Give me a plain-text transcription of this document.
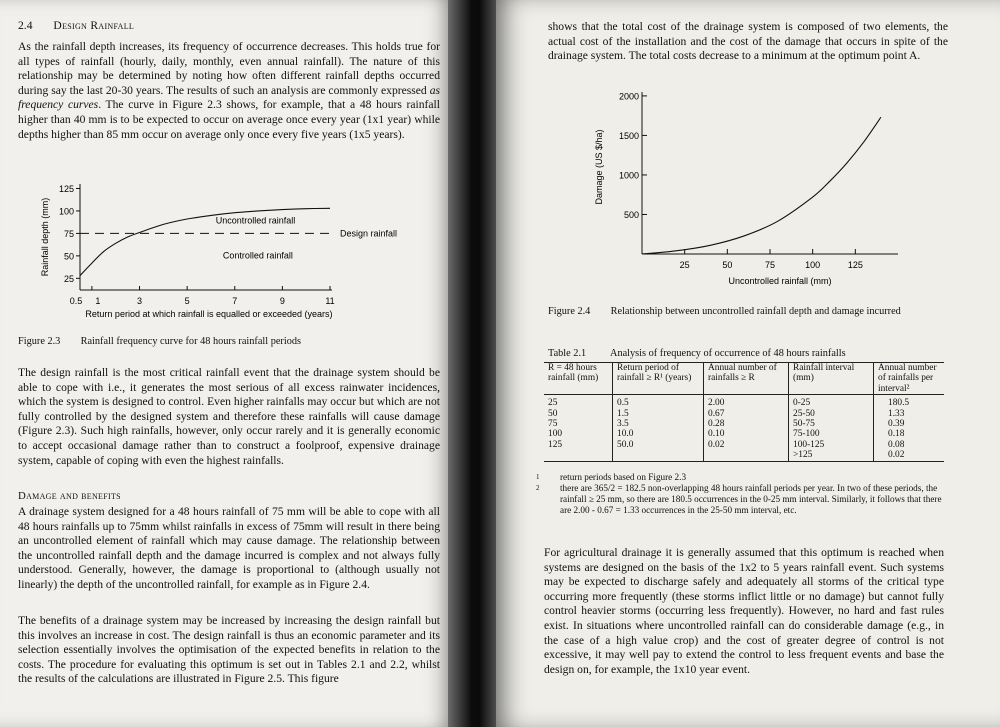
2.4 Design Rainfall

As the rainfall depth increases, its frequency of occurrence decreases. This holds true for all types of rainfall (hourly, daily, monthly, even annual rainfall). The nature of this relationship may be determined by noting how often different rainfall depths occurred during say the last 20-30 years. The results of such an analysis are commonly expressed as frequency curves. The curve in Figure 2.3 shows, for example, that a 48 hours rainfall higher than 40 mm is to be expected to occur on average once every year (1x1 year) while depths higher than 85 mm occur on average only once every five years (1x5 years).

25
50
75
100
125
0.5 1	3	5	7	9	11
Rainfall depth (mm)
Return period at which rainfall is equalled or exceeded (years)
Design rainfall
Uncontrolled rainfall
Controlled rainfall
Figure 2.3 Rainfall frequency curve for 48 hours rainfall periods

The design rainfall is the most critical rainfall event that the drainage system should be able to cope with i.e., it generates the most serious of all excess rainwater incidences, which the system is designed to control. Even higher rainfalls may occur but which are not fully controlled by the designed system and therefore these rainfalls will cause damage (Figure 2.3). Such high rainfalls, however, only occur rarely and it is generally economic to accept occasional damage rather than to construct a foolproof, expensive drainage system, capable of coping with even the highest rainfalls.

Damage and benefits

A drainage system designed for a 48 hours rainfall of 75 mm will be able to cope with all 48 hours rainfalls up to 75mm whilst rainfalls in excess of 75mm will result in there being an uncontrolled element of rainfall which may cause damage. The relationship between the uncontrolled rainfall depth and the damage incurred is complex and not always fully understood. Generally, however, the damage is proportional to (although usually not linearly) the depth of the uncontrolled rainfall, for example as in Figure 2.4.

The benefits of a drainage system may be increased by increasing the design rainfall but this involves an increase in cost. The design rainfall is thus an economic parameter and its selection essentially involves the optimisation of the expected benefits in relation to the costs. The procedure for evaluating this optimum is set out in Tables 2.1 and 2.2, whilst the results of the calculations are illustrated in Figure 2.5. This figure

shows that the total cost of the drainage system is composed of two elements, the actual cost of the installation and the cost of the damage that occurs in spite of the drainage system. The total costs decrease to a minimum at the optimum point A.

500
1000
1500
2000
25	50	75	100	125
Damage (US $/ha)
Uncontrolled rainfall (mm)
Figure 2.4 Relationship between uncontrolled rainfall depth and damage incurred
Table 2.1 Analysis of frequency of occurrence of 48 hours rainfalls
R = 48 hours rainfall (mm)	Return period of rainfall ≥ R¹ (years)	Annual number of rainfalls ≥ R	Rainfall interval (mm)	Annual number of rainfalls per interval²
25	0.5	2.00	0-25	180.5
50	1.5	0.67	25-50	1.33
75	3.5	0.28	50-75	0.39
100	10.0	0.10	75-100	0.18
125	50.0	0.02	100-125	0.08
			>125	0.02
1	return periods based on Figure 2.3
2	there are 365/2 = 182.5 non-overlapping 48 hours rainfall periods per year. In two of these periods, the rainfall ≥ 25 mm, so there are 180.5 occurrences in the 0-25 mm interval. Similarly, it follows that there are 2.00 - 0.67 = 1.33 occurrences in the 25-50 mm interval, etc.

For agricultural drainage it is generally assumed that this optimum is reached when systems are designed on the basis of the 1x2 to 5 years rainfall event. Such systems may be expected to discharge safely and adequately all storms of the critical type occurring more frequently (these storms inflict little or no damage) but cannot fully control heavier storms (occurring less frequently). However, no hard and fast rules exist. In situations where uncontrolled rainfall can do considerable damage (e.g., in the case of a high value crop) and the cost of greater degree of control is not excessive, it may well pay to extend the control to less frequent events and base the design on, for example, the 1x10 year event.
